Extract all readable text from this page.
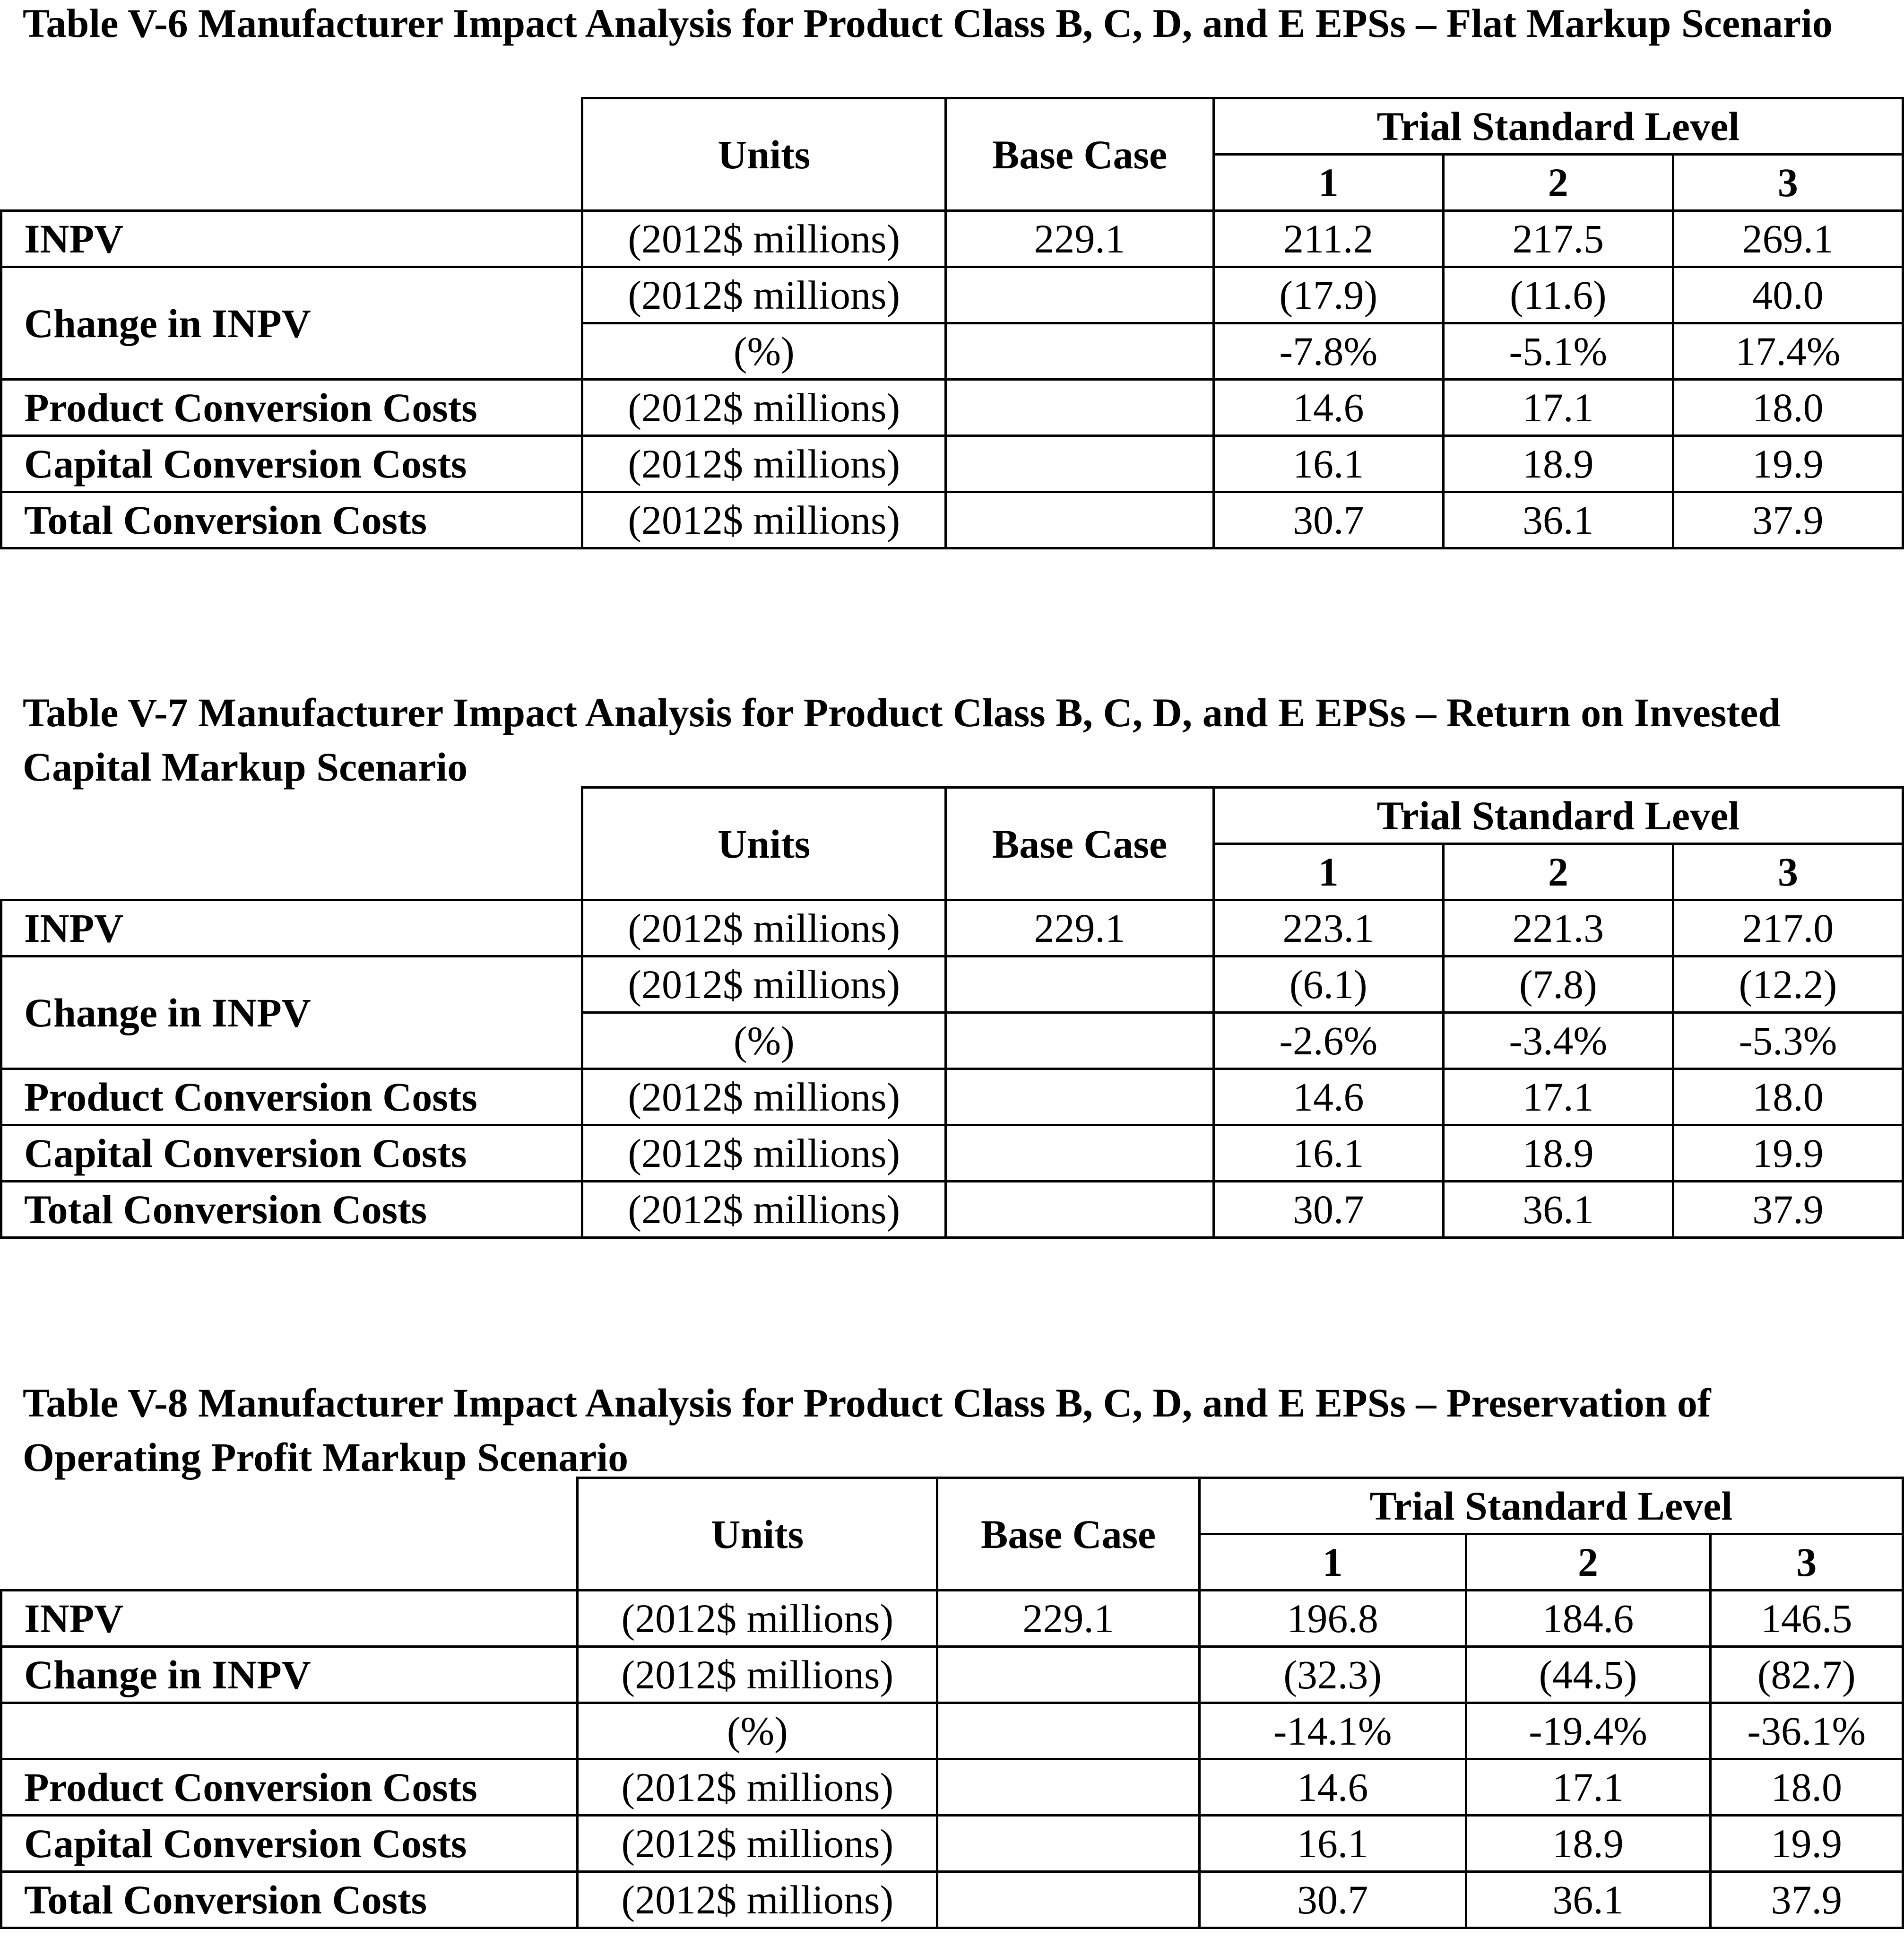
Table V-6 Manufacturer Impact Analysis for Product Class B, C, D, and E EPSs – Flat Markup Scenario

	Units	Base Case	Trial Standard Level		
			1	2	3
INPV	(2012$ millions)	229.1	211.2	217.5	269.1
Change in INPV	(2012$ millions)		(17.9)	(11.6)	40.0
	(%)		-7.8%	-5.1%	17.4%
Product Conversion Costs	(2012$ millions)		14.6	17.1	18.0
Capital Conversion Costs	(2012$ millions)		16.1	18.9	19.9
Total Conversion Costs	(2012$ millions)		30.7	36.1	37.9

Table V-7 Manufacturer Impact Analysis for Product Class B, C, D, and E EPSs – Return on Invested Capital Markup Scenario

	Units	Base Case	Trial Standard Level		
			1	2	3
INPV	(2012$ millions)	229.1	223.1	221.3	217.0
Change in INPV	(2012$ millions)		(6.1)	(7.8)	(12.2)
	(%)		-2.6%	-3.4%	-5.3%
Product Conversion Costs	(2012$ millions)		14.6	17.1	18.0
Capital Conversion Costs	(2012$ millions)		16.1	18.9	19.9
Total Conversion Costs	(2012$ millions)		30.7	36.1	37.9

Table V-8 Manufacturer Impact Analysis for Product Class B, C, D, and E EPSs – Preservation of Operating Profit Markup Scenario

	Units	Base Case	Trial Standard Level		
			1	2	3
INPV	(2012$ millions)	229.1	196.8	184.6	146.5
Change in INPV	(2012$ millions)		(32.3)	(44.5)	(82.7)
	(%)		-14.1%	-19.4%	-36.1%
Product Conversion Costs	(2012$ millions)		14.6	17.1	18.0
Capital Conversion Costs	(2012$ millions)		16.1	18.9	19.9
Total Conversion Costs	(2012$ millions)		30.7	36.1	37.9
